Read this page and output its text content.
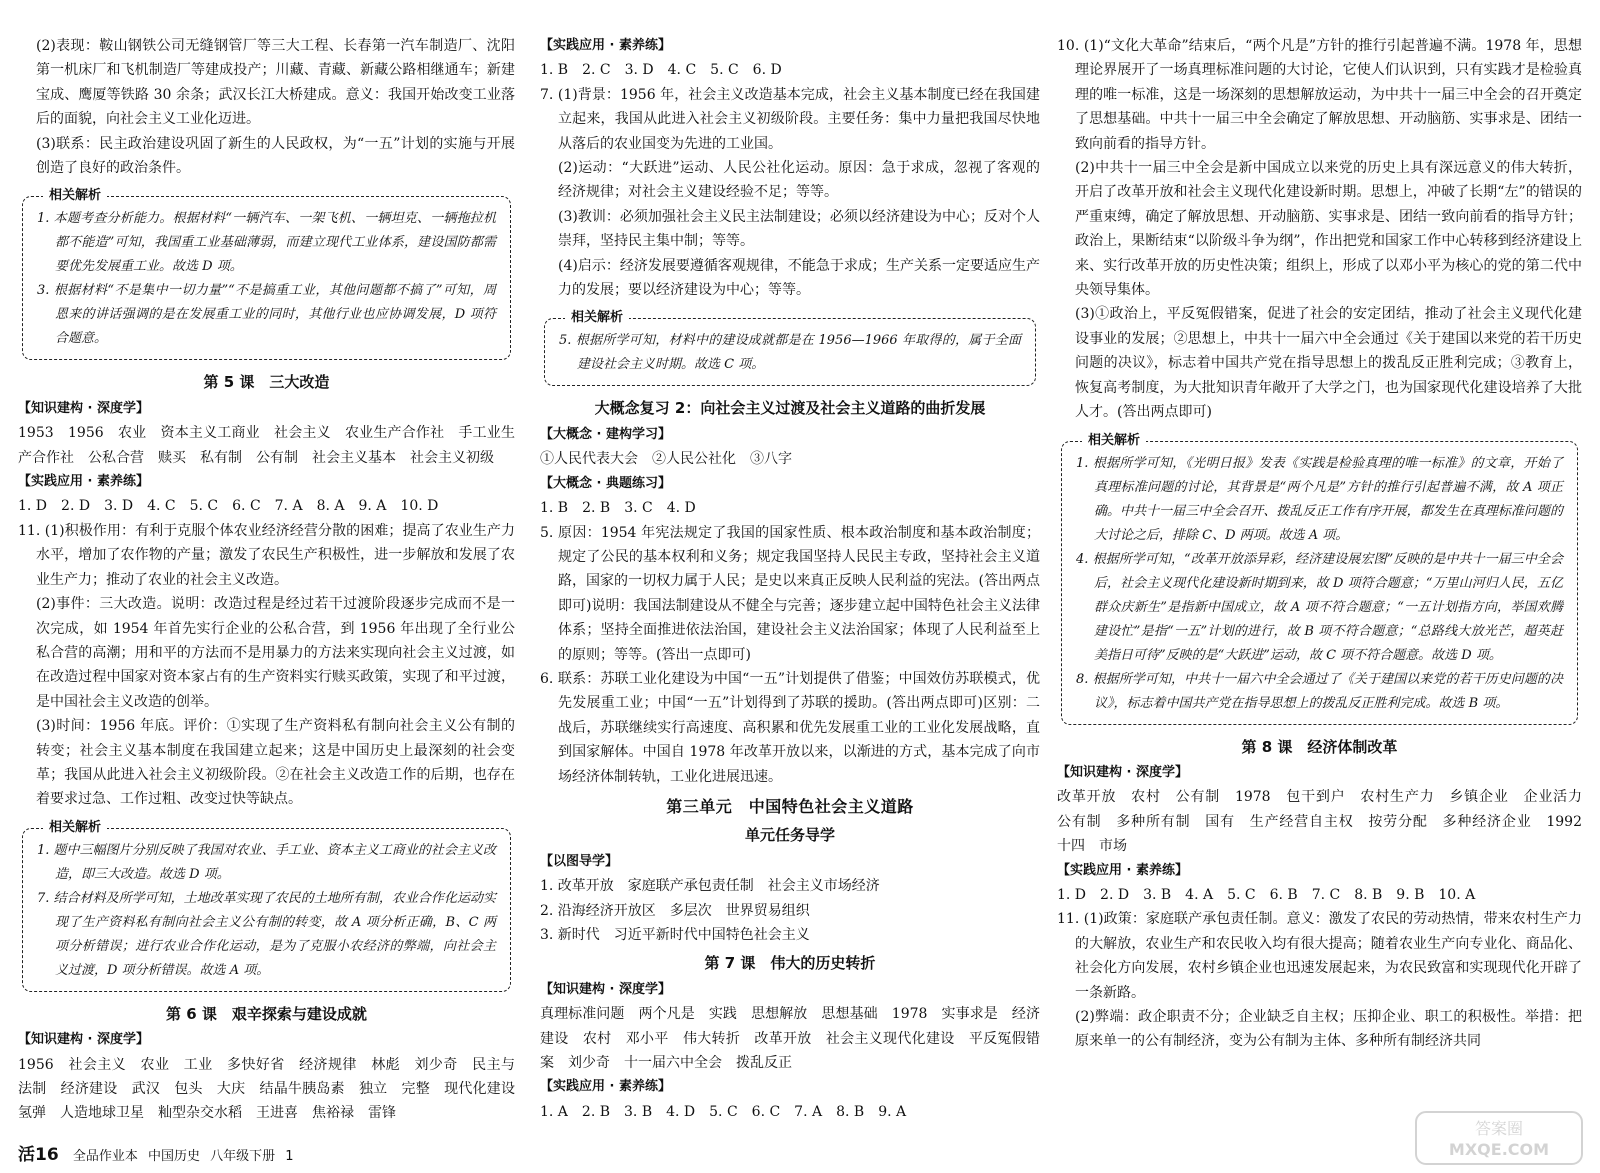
(2)表现：鞍山钢铁公司无缝钢管厂等三大工程、长春第一汽车制造厂、沈阳第一机床厂和飞机制造厂等建成投产；川藏、青藏、新藏公路相继通车；新建宝成、鹰厦等铁路 30 余条；武汉长江大桥建成。意义：我国开始改变工业落后的面貌，向社会主义工业化迈进。

(3)联系：民主政治建设巩固了新生的人民政权，为“一五”计划的实施与开展创造了良好的政治条件。

相关解析

1. 本题考查分析能力。根据材料“一辆汽车、一架飞机、一辆坦克、一辆拖拉机都不能造”可知，我国重工业基础薄弱，而建立现代工业体系，建设国防都需要优先发展重工业。故选 D 项。

3. 根据材料“不是集中一切力量”“不是搞重工业，其他问题都不搞了”可知，周恩来的讲话强调的是在发展重工业的同时，其他行业也应协调发展，D 项符合题意。

第 5 课　三大改造

【知识建构 · 深度学】

1953　1956　农业　资本主义工商业　社会主义　农业生产合作社　手工业生产合作社　公私合营　赎买　私有制　公有制　社会主义基本　社会主义初级

【实践应用 · 素养练】

1. D　2. D　3. D　4. C　5. C　6. C　7. A　8. A　9. A　10. D

11. (1)积极作用：有利于克服个体农业经济经营分散的困难；提高了农业生产力水平，增加了农作物的产量；激发了农民生产积极性，进一步解放和发展了农业生产力；推动了农业的社会主义改造。

(2)事件：三大改造。说明：改造过程是经过若干过渡阶段逐步完成而不是一次完成，如 1954 年首先实行企业的公私合营，到 1956 年出现了全行业公私合营的高潮；用和平的方法而不是用暴力的方法来实现向社会主义过渡，如在改造过程中国家对资本家占有的生产资料实行赎买政策，实现了和平过渡，是中国社会主义改造的创举。

(3)时间：1956 年底。评价：①实现了生产资料私有制向社会主义公有制的转变；社会主义基本制度在我国建立起来；这是中国历史上最深刻的社会变革；我国从此进入社会主义初级阶段。②在社会主义改造工作的后期，也存在着要求过急、工作过粗、改变过快等缺点。

相关解析

1. 题中三幅图片分别反映了我国对农业、手工业、资本主义工商业的社会主义改造，即三大改造。故选 D 项。

7. 结合材料及所学可知，土地改革实现了农民的土地所有制，农业合作化运动实现了生产资料私有制向社会主义公有制的转变，故 A 项分析正确，B、C 两项分析错误；进行农业合作化运动，是为了克服小农经济的弊端，向社会主义过渡，D 项分析错误。故选 A 项。

第 6 课　艰辛探索与建设成就

【知识建构 · 深度学】

1956　社会主义　农业　工业　多快好省　经济规律　林彪　刘少奇　民主与法制　经济建设　武汉　包头　大庆　结晶牛胰岛素　独立　完整　现代化建设　氢弹　人造地球卫星　籼型杂交水稻　王进喜　焦裕禄　雷锋

【实践应用 · 素养练】

1. B　2. C　3. D　4. C　5. C　6. D

7. (1)背景：1956 年，社会主义改造基本完成，社会主义基本制度已经在我国建立起来，我国从此进入社会主义初级阶段。主要任务：集中力量把我国尽快地从落后的农业国变为先进的工业国。

(2)运动：“大跃进”运动、人民公社化运动。原因：急于求成，忽视了客观的经济规律；对社会主义建设经验不足；等等。

(3)教训：必须加强社会主义民主法制建设；必须以经济建设为中心；反对个人崇拜，坚持民主集中制；等等。

(4)启示：经济发展要遵循客观规律，不能急于求成；生产关系一定要适应生产力的发展；要以经济建设为中心；等等。

相关解析

5. 根据所学可知，材料中的建设成就都是在 1956—1966 年取得的，属于全面建设社会主义时期。故选 C 项。

大概念复习 2：向社会主义过渡及社会主义道路的曲折发展

【大概念 · 建构学习】

①人民代表大会　②人民公社化　③八字

【大概念 · 典题练习】

1. B　2. B　3. C　4. D

5. 原因：1954 年宪法规定了我国的国家性质、根本政治制度和基本政治制度；规定了公民的基本权利和义务；规定我国坚持人民民主专政，坚持社会主义道路，国家的一切权力属于人民；是史以来真正反映人民利益的宪法。(答出两点即可)说明：我国法制建设从不健全与完善；逐步建立起中国特色社会主义法律体系；坚持全面推进依法治国，建设社会主义法治国家；体现了人民利益至上的原则；等等。(答出一点即可)

6. 联系：苏联工业化建设为中国“一五”计划提供了借鉴；中国效仿苏联模式，优先发展重工业；中国“一五”计划得到了苏联的援助。(答出两点即可)区别：二战后，苏联继续实行高速度、高积累和优先发展重工业的工业化发展战略，直到国家解体。中国自 1978 年改革开放以来，以渐进的方式，基本完成了向市场经济体制转轨，工业化进展迅速。

第三单元　中国特色社会主义道路
单元任务导学

【以图导学】

1. 改革开放　家庭联产承包责任制　社会主义市场经济

2. 沿海经济开放区　多层次　世界贸易组织

3. 新时代　习近平新时代中国特色社会主义

第 7 课　伟大的历史转折

【知识建构 · 深度学】

真理标准问题　两个凡是　实践　思想解放　思想基础　1978　实事求是　经济建设　农村　邓小平　伟大转折　改革开放　社会主义现代化建设　平反冤假错案　刘少奇　十一届六中全会　拨乱反正

【实践应用 · 素养练】

1. A　2. B　3. B　4. D　5. C　6. C　7. A　8. B　9. A

10. (1)“文化大革命”结束后，“两个凡是”方针的推行引起普遍不满。1978 年，思想理论界展开了一场真理标准问题的大讨论，它使人们认识到，只有实践才是检验真理的唯一标准，这是一场深刻的思想解放运动，为中共十一届三中全会的召开奠定了思想基础。中共十一届三中全会确定了解放思想、开动脑筋、实事求是、团结一致向前看的指导方针。

(2)中共十一届三中全会是新中国成立以来党的历史上具有深远意义的伟大转折，开启了改革开放和社会主义现代化建设新时期。思想上，冲破了长期“左”的错误的严重束缚，确定了解放思想、开动脑筋、实事求是、团结一致向前看的指导方针；政治上，果断结束“以阶级斗争为纲”，作出把党和国家工作中心转移到经济建设上来、实行改革开放的历史性决策；组织上，形成了以邓小平为核心的党的第二代中央领导集体。

(3)①政治上，平反冤假错案，促进了社会的安定团结，推动了社会主义现代化建设事业的发展；②思想上，中共十一届六中全会通过《关于建国以来党的若干历史问题的决议》，标志着中国共产党在指导思想上的拨乱反正胜利完成；③教育上，恢复高考制度，为大批知识青年敞开了大学之门，也为国家现代化建设培养了大批人才。(答出两点即可)

相关解析

1. 根据所学可知，《光明日报》发表《实践是检验真理的唯一标准》的文章，开始了真理标准问题的讨论，其背景是“两个凡是”方针的推行引起普遍不满，故 A 项正确。中共十一届三中全会召开、拨乱反正工作有序开展，都发生在真理标准问题的大讨论之后，排除 C、D 两项。故选 A 项。

4. 根据所学可知，“改革开放添异彩，经济建设展宏图”反映的是中共十一届三中全会后，社会主义现代化建设新时期到来，故 D 项符合题意；“万里山河归人民，五亿群众庆新生”是指新中国成立，故 A 项不符合题意；“一五计划指方向，举国欢腾建设忙”是指“一五”计划的进行，故 B 项不符合题意；“总路线大放光芒，超英赶美指日可待”反映的是“大跃进”运动，故 C 项不符合题意。故选 D 项。

8. 根据所学可知，中共十一届六中全会通过了《关于建国以来党的若干历史问题的决议》，标志着中国共产党在指导思想上的拨乱反正胜利完成。故选 B 项。

第 8 课　经济体制改革

【知识建构 · 深度学】

改革开放　农村　公有制　1978　包干到户　农村生产力　乡镇企业　企业活力　公有制　多种所有制　国有　生产经营自主权　按劳分配　多种经济企业　1992　十四　市场

【实践应用 · 素养练】

1. D　2. D　3. B　4. A　5. C　6. B　7. C　8. B　9. B　10. A

11. (1)政策：家庭联产承包责任制。意义：激发了农民的劳动热情，带来农村生产力的大解放，农业生产和农民收入均有很大提高；随着农业生产向专业化、商品化、社会化方向发展，农村乡镇企业也迅速发展起来，为农民致富和实现现代化开辟了一条新路。

(2)弊端：政企职责不分；企业缺乏自主权；压抑企业、职工的积极性。举措：把原来单一的公有制经济，变为公有制为主体、多种所有制经济共同

活16 全品作业本 中国历史 八年级下册 1
答案圈
MXQE.COM
